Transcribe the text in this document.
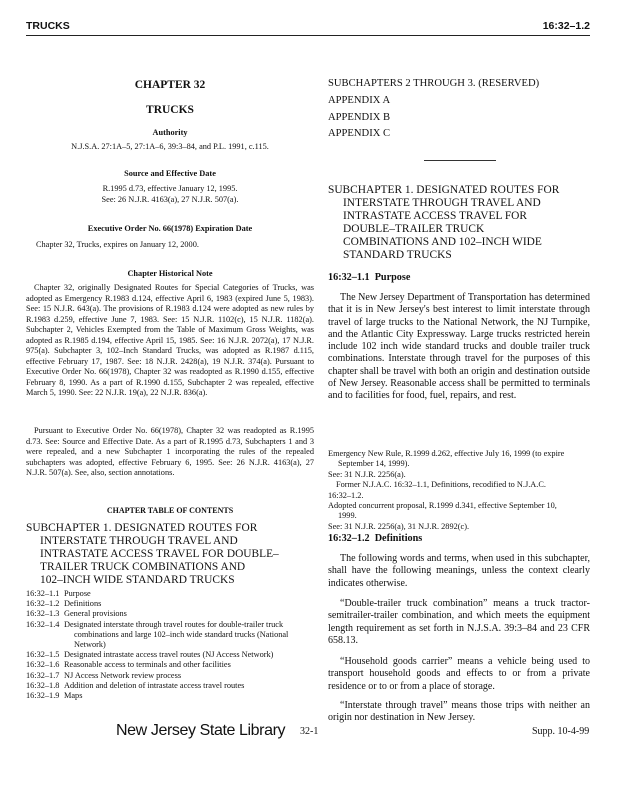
TRUCKS	16:32–1.2
CHAPTER 32
TRUCKS
Authority
N.J.S.A. 27:1A–5, 27:1A–6, 39:3–84, and P.L. 1991, c.115.
Source and Effective Date
R.1995 d.73, effective January 12, 1995.
See: 26 N.J.R. 4163(a), 27 N.J.R. 507(a).
Executive Order No. 66(1978) Expiration Date
Chapter 32, Trucks, expires on January 12, 2000.
Chapter Historical Note
Chapter 32, originally Designated Routes for Special Categories of Trucks, was adopted as Emergency R.1983 d.124, effective April 6, 1983 (expired June 5, 1983). See: 15 N.J.R. 643(a). The provisions of R.1983 d.124 were adopted as new rules by R.1983 d.259, effective June 7, 1983. See: 15 N.J.R. 1102(c), 15 N.J.R. 1182(a). Subchapter 2, Vehicles Exempted from the Table of Maximum Gross Weights, was adopted as R.1985 d.194, effective April 15, 1985. See: 16 N.J.R. 2072(a), 17 N.J.R. 975(a). Subchapter 3, 102–Inch Standard Trucks, was adopted as R.1987 d.115, effective February 17, 1987. See: 18 N.J.R. 2428(a), 19 N.J.R. 374(a). Pursuant to Executive Order No. 66(1978), Chapter 32 was readopted as R.1990 d.155, effective February 8, 1990. As a part of R.1990 d.155, Subchapter 2 was repealed, effective March 5, 1990. See: 22 N.J.R. 19(a), 22 N.J.R. 836(a).
Pursuant to Executive Order No. 66(1978), Chapter 32 was readopted as R.1995 d.73. See: Source and Effective Date. As a part of R.1995 d.73, Subchapters 1 and 3 were repealed, and a new Subchapter 1 incorporating the rules of the repealed subchapters was adopted, effective February 6, 1995. See: 26 N.J.R. 4163(a), 27 N.J.R. 507(a). See, also, section annotations.
CHAPTER TABLE OF CONTENTS
SUBCHAPTER 1. DESIGNATED ROUTES FOR
INTERSTATE THROUGH TRAVEL AND
INTRASTATE ACCESS TRAVEL FOR DOUBLE–
TRAILER TRUCK COMBINATIONS AND
102–INCH WIDE STANDARD TRUCKS
16:32–1.1 Purpose
16:32–1.2 Definitions
16:32–1.3 General provisions
16:32–1.4 Designated interstate through travel routes for double-trailer truck combinations and large 102–inch wide standard trucks (National Network)
16:32–1.5 Designated intrastate access travel routes (NJ Access Network)
16:32–1.6 Reasonable access to terminals and other facilities
16:32–1.7 NJ Access Network review process
16:32–1.8 Addition and deletion of intrastate access travel routes
16:32–1.9 Maps
SUBCHAPTERS 2 THROUGH 3. (RESERVED)
APPENDIX A
APPENDIX B
APPENDIX C
SUBCHAPTER 1. DESIGNATED ROUTES FOR
INTERSTATE THROUGH TRAVEL AND
INTRASTATE ACCESS TRAVEL FOR
DOUBLE–TRAILER TRUCK
COMBINATIONS AND 102–INCH WIDE
STANDARD TRUCKS
16:32–1.1 Purpose
The New Jersey Department of Transportation has determined that it is in New Jersey's best interest to limit interstate through travel of large trucks to the National Network, the NJ Turnpike, and the Atlantic City Expressway. Large trucks restricted herein include 102 inch wide standard trucks and double trailer truck combinations. Interstate through travel for the purposes of this chapter shall be travel with both an origin and destination outside of New Jersey. Reasonable access shall be permitted to terminals and to facilities for food, fuel, repairs, and rest.
Emergency New Rule, R.1999 d.262, effective July 16, 1999 (to expire
September 14, 1999).
See: 31 N.J.R. 2256(a).
Former N.J.A.C. 16:32–1.1, Definitions, recodified to N.J.A.C.
16:32–1.2.
Adopted concurrent proposal, R.1999 d.341, effective September 10,
1999.
See: 31 N.J.R. 2256(a), 31 N.J.R. 2892(c).
16:32–1.2 Definitions
The following words and terms, when used in this subchapter, shall have the following meanings, unless the context clearly indicates otherwise.
“Double-trailer truck combination” means a truck tractor-semitrailer-trailer combination, and which meets the equipment length requirement as set forth in N.J.S.A. 39:3–84 and 23 CFR 658.13.
“Household goods carrier” means a vehicle being used to transport household goods and effects to or from a private residence or to or from a place of storage.
“Interstate through travel” means those trips with neither an origin nor destination in New Jersey.
New Jersey State Library 32-1	Supp. 10-4-99
